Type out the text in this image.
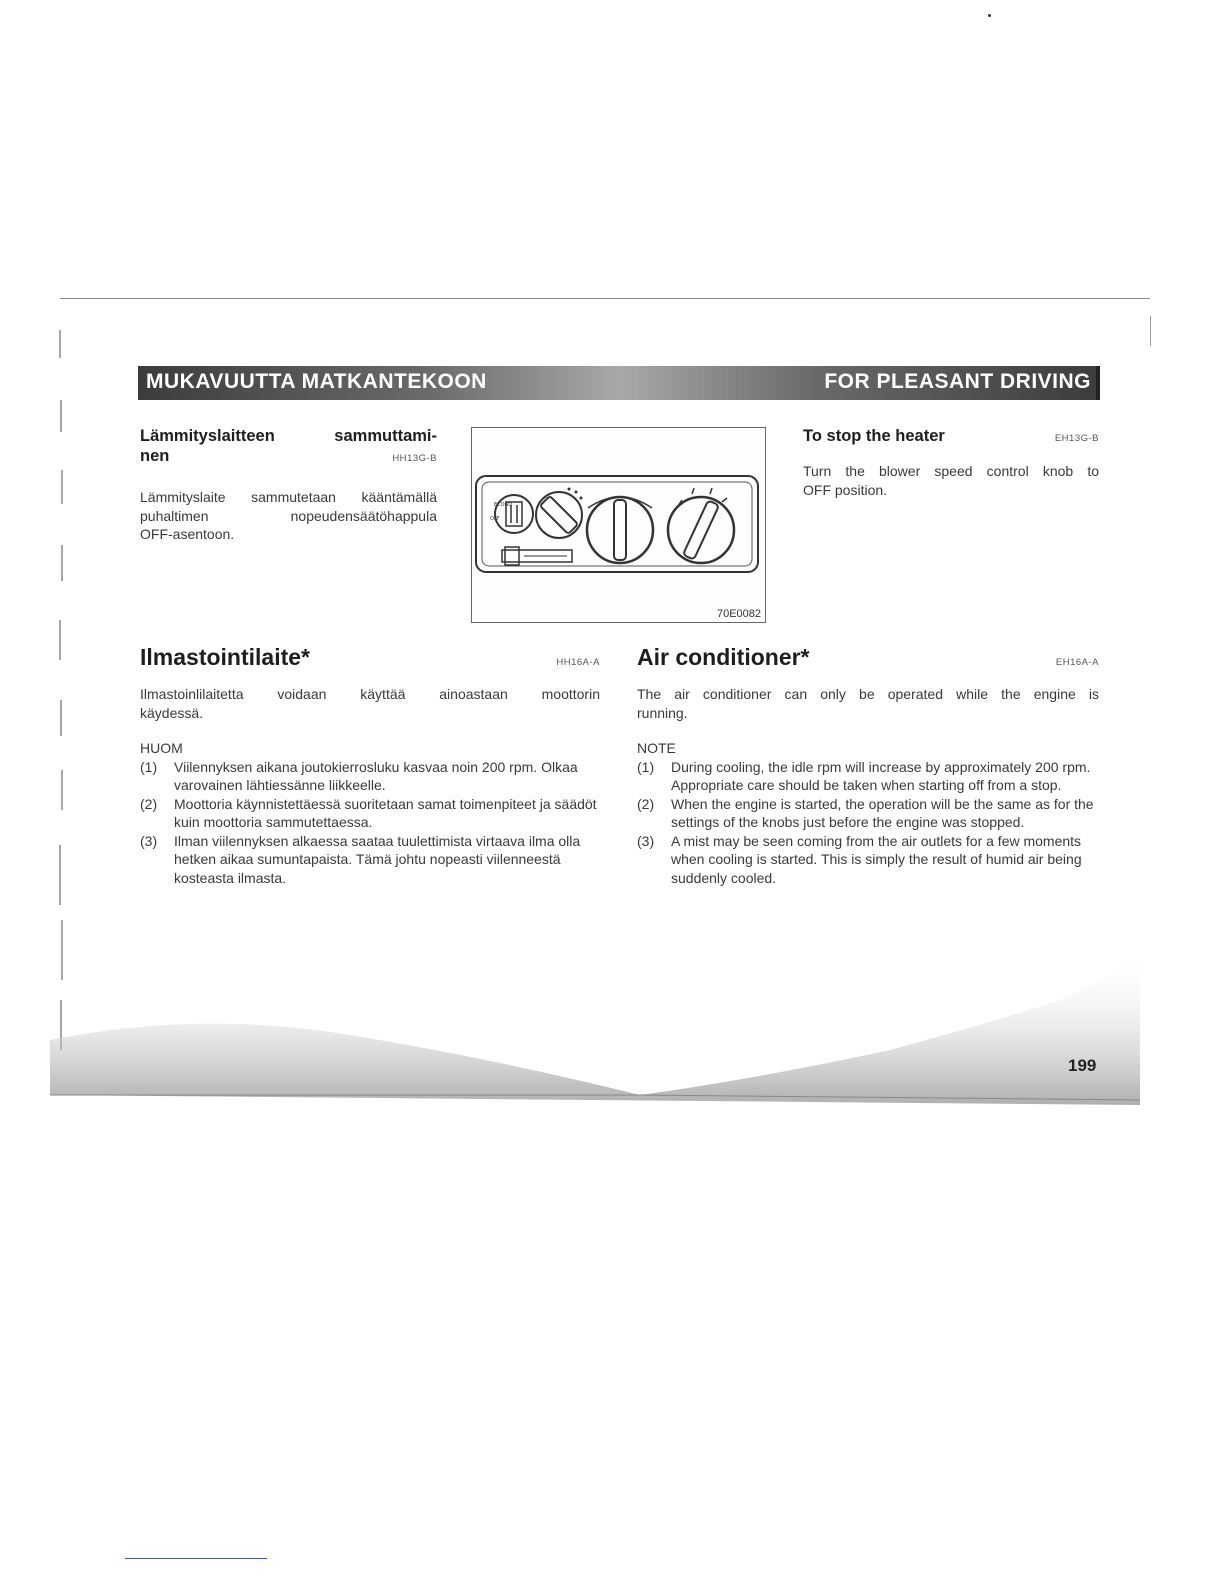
MUKAVUUTTA MATKANTEKOON	FOR PLEASANT DRIVING
Lämmityslaitteen sammuttami-
nen	HH13G-B
Lämmityslaite sammutetaan kääntämällä
puhaltimen nopeudensäätöhappula
OFF-asentoon.
ECONO
OFF
70E0082
To stop the heater	EH13G-B
Turn the blower speed control knob to
OFF position.
Ilmastointilaite*	HH16A-A
Ilmastoinlilaitetta voidaan käyttää ainoastaan moottorin
käydessä.
HUOM
(1) Viilennyksen aikana joutokierrosluku kasvaa noin 200 rpm. Olkaa varovainen lähtiessänne liikkeelle.
(2) Moottoria käynnistettäessä suoritetaan samat toimenpiteet ja säädöt kuin moottoria sammutettaessa.
(3) Ilman viilennyksen alkaessa saataa tuulettimista virtaava ilma olla hetken aikaa sumuntapaista. Tämä johtu nopeasti viilenneestä kosteasta ilmasta.
Air conditioner*	EH16A-A
The air conditioner can only be operated while the engine is
running.
NOTE
(1) During cooling, the idle rpm will increase by approximately 200 rpm.
Appropriate care should be taken when starting off from a stop.
(2) When the engine is started, the operation will be the same as for the settings of the knobs just before the engine was stopped.
(3) A mist may be seen coming from the air outlets for a few moments when cooling is started. This is simply the result of humid air being suddenly cooled.
199
